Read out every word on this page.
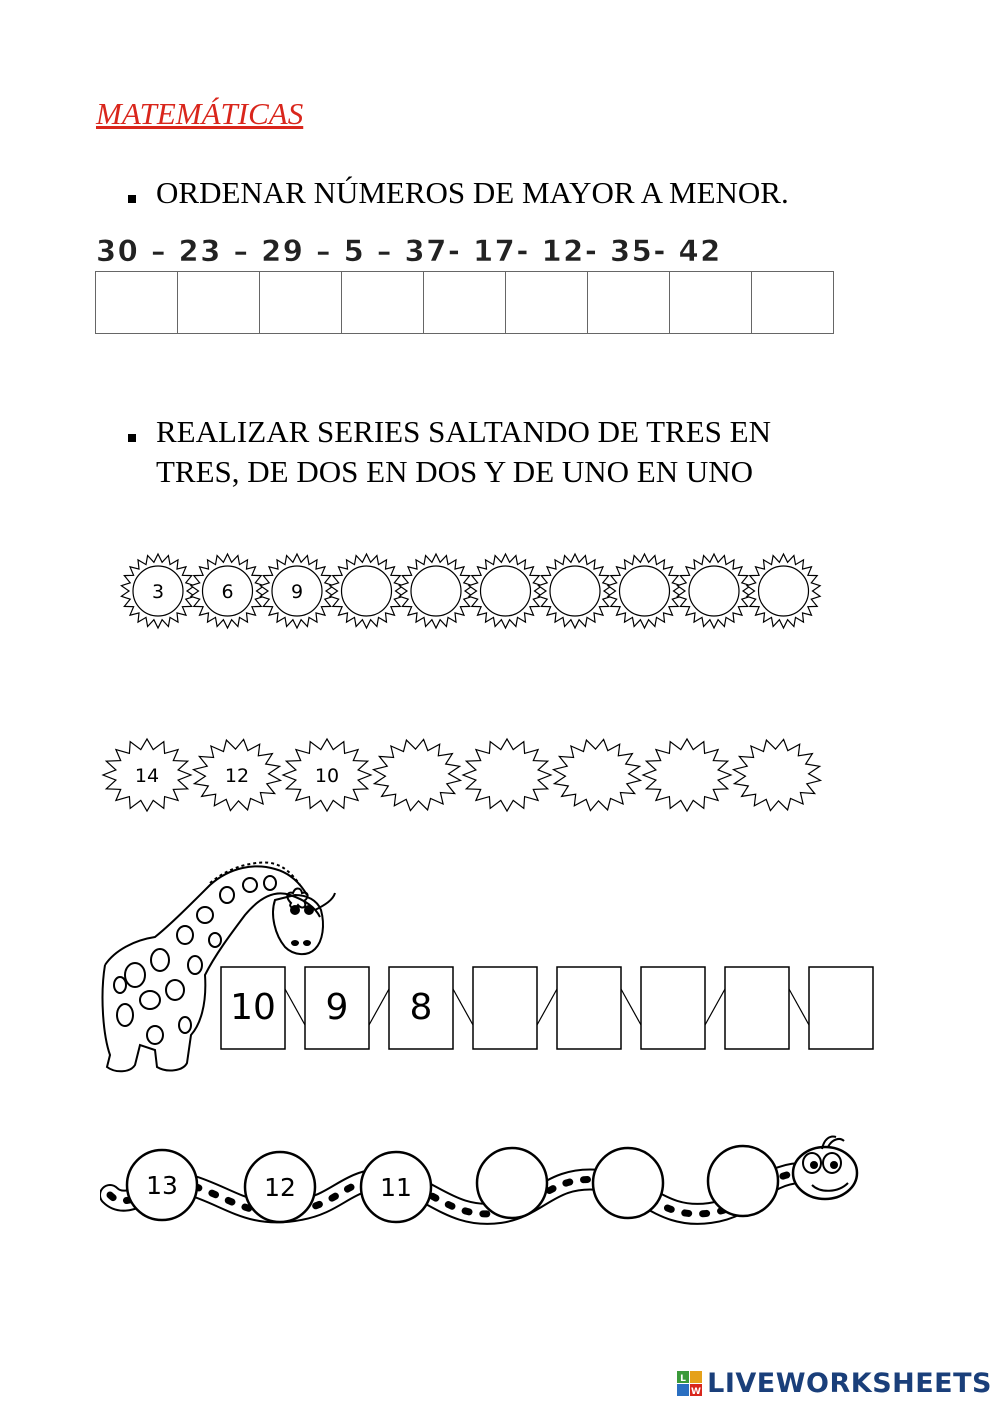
MATEMÁTICAS

ORDENAR NÚMEROS DE MAYOR A MENOR.

30 – 23 – 29 – 5 – 37- 17- 12- 35- 42

REALIZAR SERIES SALTANDO DE TRES EN

TRES, DE DOS EN DOS Y DE UNO EN UNO

3	6	9
14	12	10
10 9 8
13	12	11
L
W LIVEWORKSHEETS
